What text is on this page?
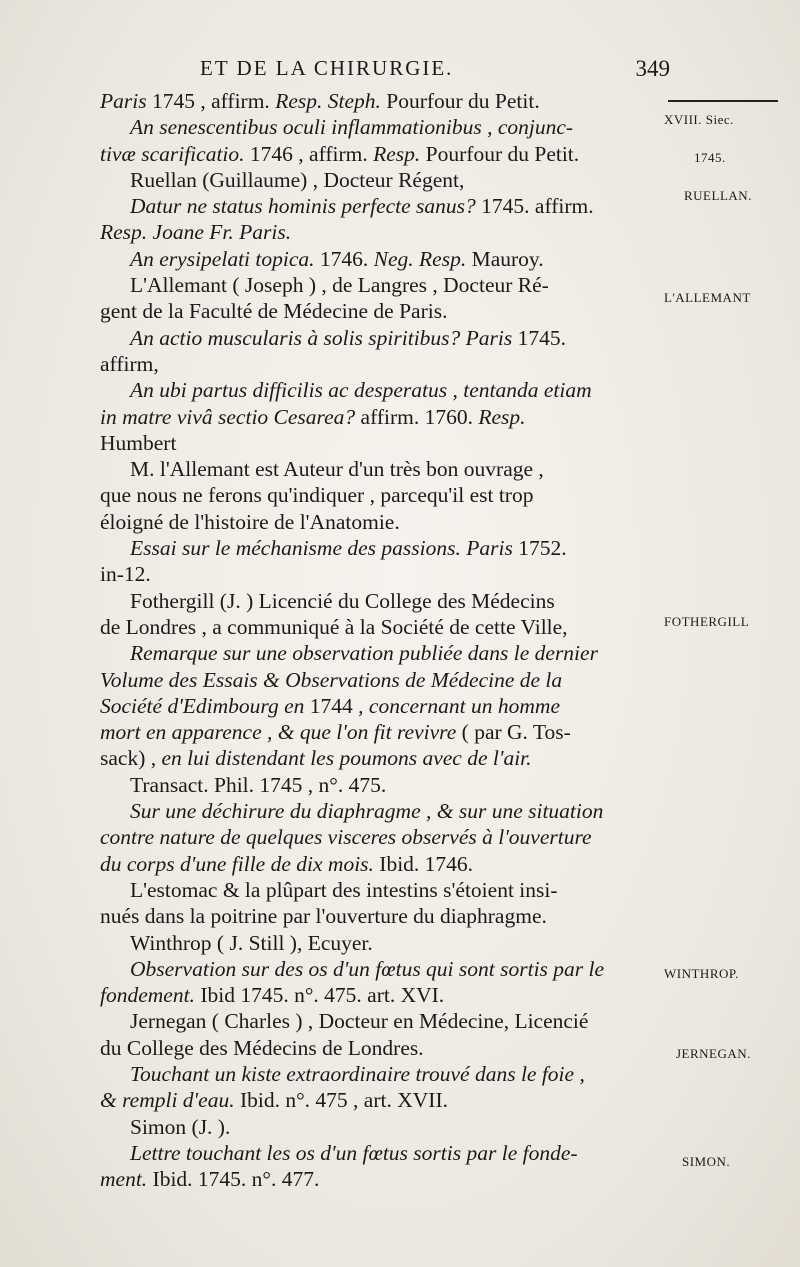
ET DE LA CHIRURGIE.	349
XVIII. Siec.
1745.
RUELLAN.
L'ALLEMANT
FOTHERGILL
WINTHROP.
JERNEGAN.
SIMON.
Paris 1745 , affirm. Resp. Steph. Pourfour du Petit.
An senescentibus oculi inflammationibus , conjunc-
tivæ scarificatio. 1746 , affirm. Resp. Pourfour du Petit.
Ruellan (Guillaume) , Docteur Régent,
Datur ne status hominis perfecte sanus? 1745. affirm.
Resp. Joane Fr. Paris.
An erysipelati topica. 1746. Neg. Resp. Mauroy.
L'Allemant ( Joseph ) , de Langres , Docteur Ré-
gent de la Faculté de Médecine de Paris.
An actio muscularis à solis spiritibus? Paris 1745.
affirm,
An ubi partus difficilis ac desperatus , tentanda etiam
in matre vivâ sectio Cesarea? affirm. 1760. Resp.
Humbert
M. l'Allemant est Auteur d'un très bon ouvrage ,
que nous ne ferons qu'indiquer , parcequ'il est trop
éloigné de l'histoire de l'Anatomie.
Essai sur le méchanisme des passions. Paris 1752.
in-12.
Fothergill (J. ) Licencié du College des Médecins
de Londres , a communiqué à la Société de cette Ville,
Remarque sur une observation publiée dans le dernier
Volume des Essais & Observations de Médecine de la
Société d'Edimbourg en 1744 , concernant un homme
mort en apparence , & que l'on fit revivre ( par G. Tos-
sack) , en lui distendant les poumons avec de l'air.
Transact. Phil. 1745 , n°. 475.
Sur une déchirure du diaphragme , & sur une situation
contre nature de quelques visceres observés à l'ouverture
du corps d'une fille de dix mois. Ibid. 1746.
L'estomac & la plûpart des intestins s'étoient insi-
nués dans la poitrine par l'ouverture du diaphragme.
Winthrop ( J. Still ), Ecuyer.
Observation sur des os d'un fœtus qui sont sortis par le
fondement. Ibid 1745. n°. 475. art. XVI.
Jernegan ( Charles ) , Docteur en Médecine, Licencié
du College des Médecins de Londres.
Touchant un kiste extraordinaire trouvé dans le foie ,
& rempli d'eau. Ibid. n°. 475 , art. XVII.
Simon (J. ).
Lettre touchant les os d'un fœtus sortis par le fonde-
ment. Ibid. 1745. n°. 477.
